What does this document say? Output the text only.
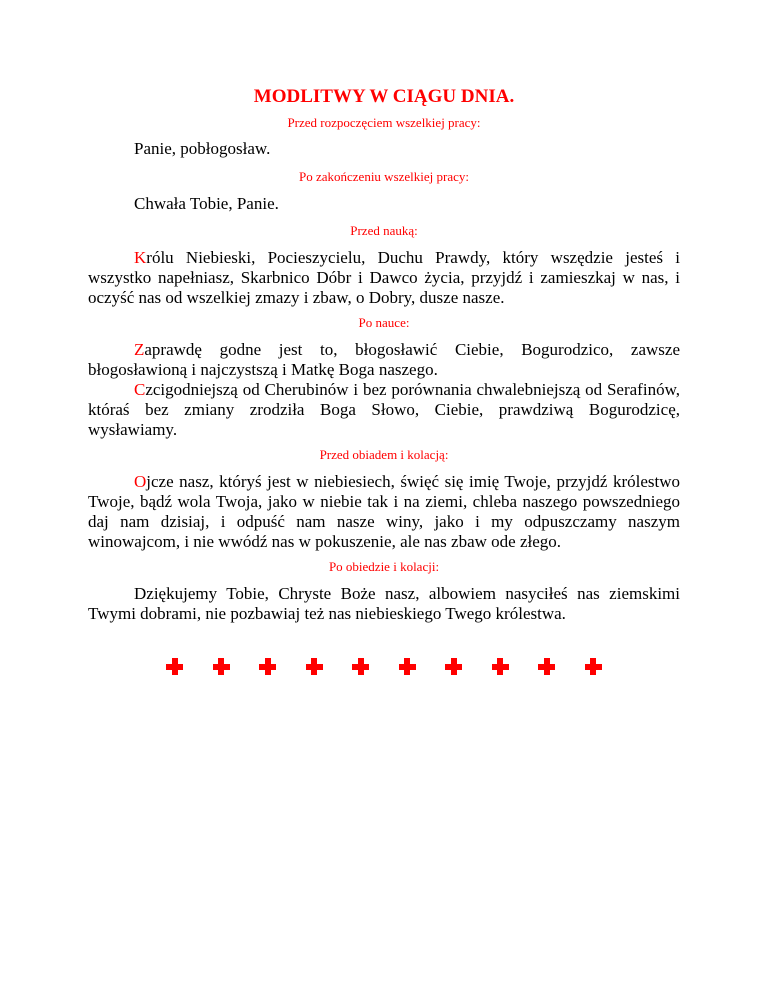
MODLITWY W CIĄGU DNIA.

Przed rozpoczęciem wszelkiej pracy:

Panie, pobłogosław.

Po zakończeniu wszelkiej pracy:

Chwała Tobie, Panie.

Przed nauką:

Królu Niebieski, Pocieszycielu, Duchu Prawdy, który wszędzie jesteś i wszystko napełniasz, Skarbnico Dóbr i Dawco życia, przyjdź i zamieszkaj w nas, i oczyść nas od wszelkiej zmazy i zbaw, o Dobry, dusze nasze.

Po nauce:

Zaprawdę godne jest to, błogosławić Ciebie, Bogurodzico, zawsze błogosławioną i najczystszą i Matkę Boga naszego.

Czcigodniejszą od Cherubinów i bez porównania chwalebniejszą od Serafinów, któraś bez zmiany zrodziła Boga Słowo, Ciebie, prawdziwą Bogurodzicę, wysławiamy.

Przed obiadem i kolacją:

Ojcze nasz, któryś jest w niebiesiech, święć się imię Twoje, przyjdź królestwo Twoje, bądź wola Twoja, jako w niebie tak i na ziemi, chleba naszego powszedniego daj nam dzisiaj, i odpuść nam nasze winy, jako i my odpuszczamy naszym winowajcom, i nie wwódź nas w pokuszenie, ale nas zbaw ode złego.

Po obiedzie i kolacji:

Dziękujemy Tobie, Chryste Boże nasz, albowiem nasyciłeś nas ziemskimi Twymi dobrami, nie pozbawiaj też nas niebieskiego Twego królestwa.
